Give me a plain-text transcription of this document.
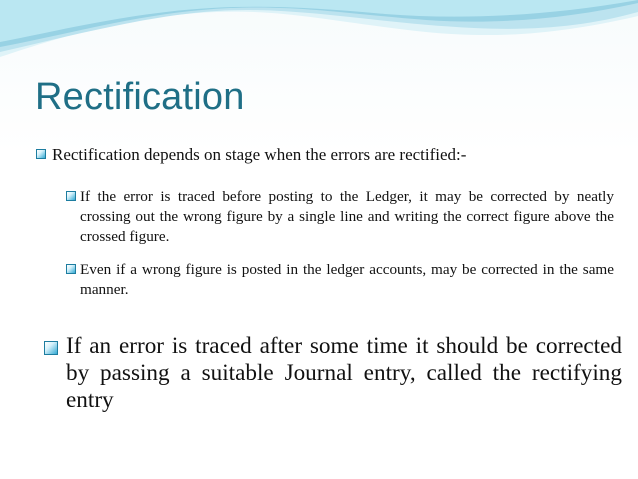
Rectification

Rectification depends on stage when the errors are rectified:-

If the error is traced before posting to the Ledger, it may be corrected by neatly crossing out the wrong figure by a single line and writing the correct figure above the crossed figure.

Even if a wrong figure is posted in the ledger accounts, may be corrected in the same manner.

If an error is traced after some time it should be corrected by passing a suitable Journal entry, called the rectifying entry
